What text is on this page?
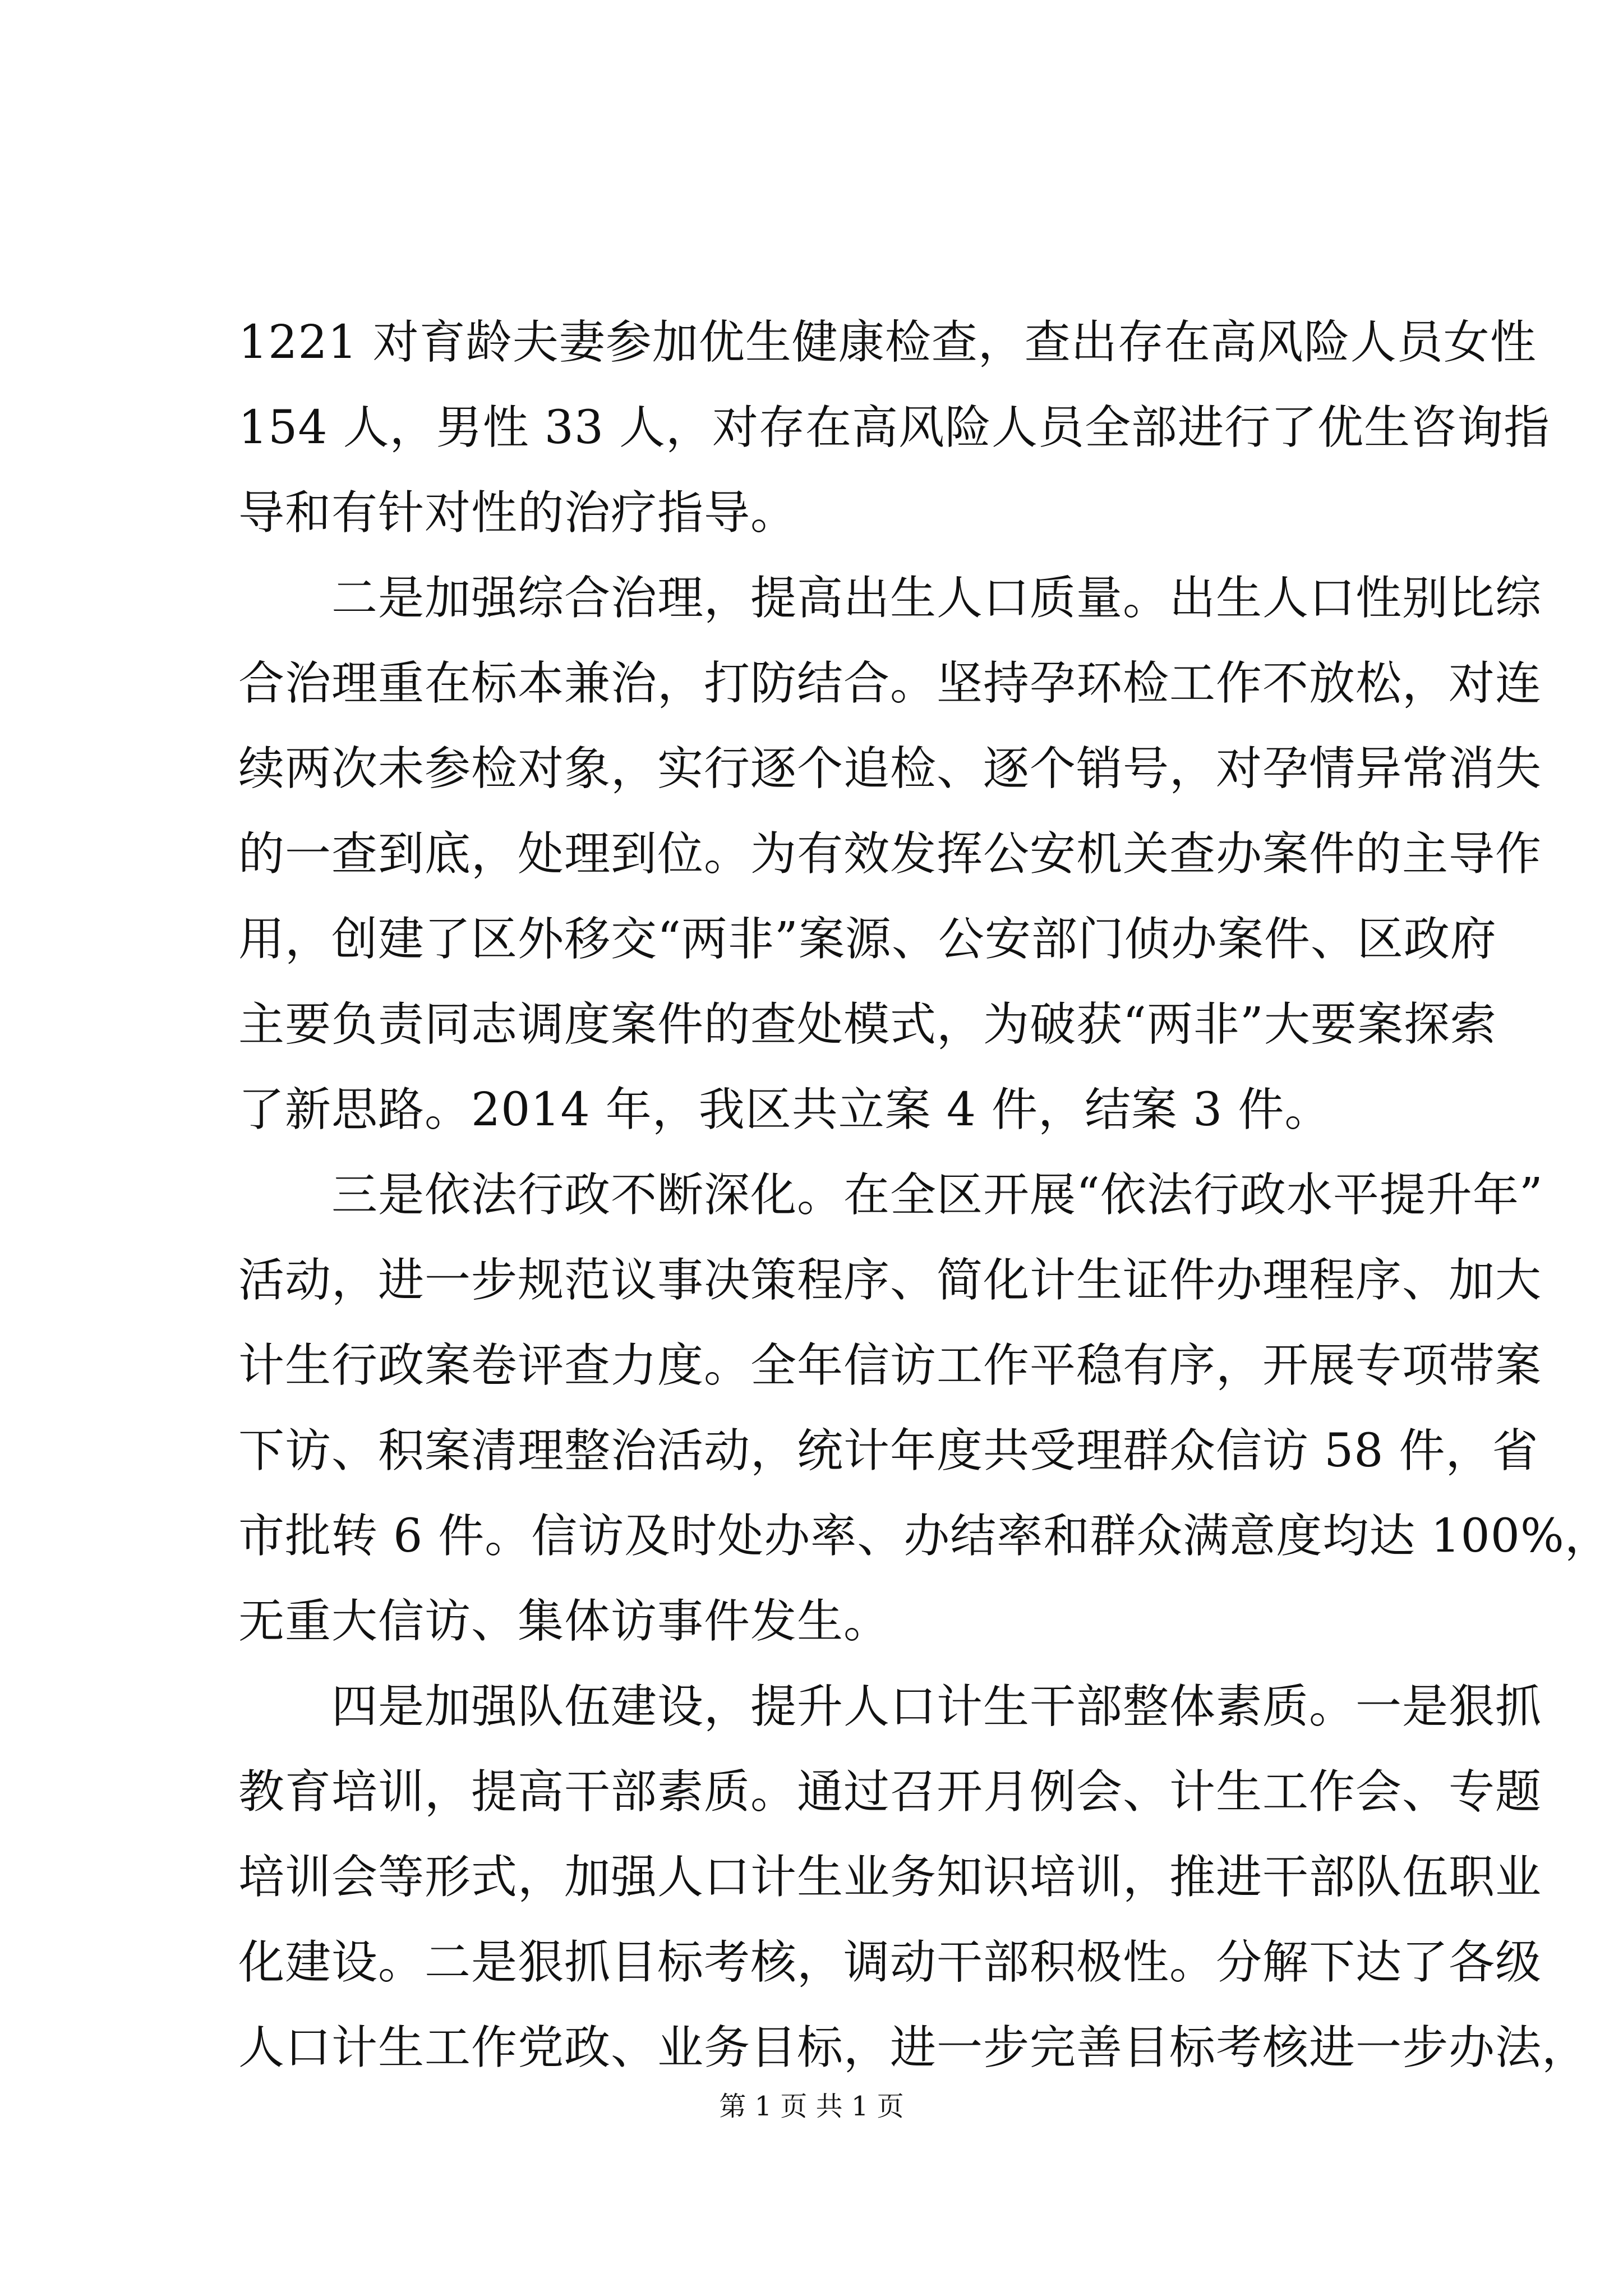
1221 对育龄夫妻参加优生健康检查，查出存在高风险人员女性
154 人，男性 33 人，对存在高风险人员全部进行了优生咨询指
导和有针对性的治疗指导。
　　二是加强综合治理，提高出生人口质量。出生人口性别比综
合治理重在标本兼治，打防结合。坚持孕环检工作不放松，对连
续两次未参检对象，实行逐个追检、逐个销号，对孕情异常消失
的一查到底，处理到位。为有效发挥公安机关查办案件的主导作
用，创建了区外移交“两非”案源、公安部门侦办案件、区政府
主要负责同志调度案件的查处模式，为破获“两非”大要案探索
了新思路。2014 年，我区共立案 4 件，结案 3 件。
　　三是依法行政不断深化。在全区开展“依法行政水平提升年”
活动，进一步规范议事决策程序、简化计生证件办理程序、加大
计生行政案卷评查力度。全年信访工作平稳有序，开展专项带案
下访、积案清理整治活动，统计年度共受理群众信访 58 件，省
市批转 6 件。信访及时处办率、办结率和群众满意度均达 100%，
无重大信访、集体访事件发生。
　　四是加强队伍建设，提升人口计生干部整体素质。一是狠抓
教育培训，提高干部素质。通过召开月例会、计生工作会、专题
培训会等形式，加强人口计生业务知识培训，推进干部队伍职业
化建设。二是狠抓目标考核，调动干部积极性。分解下达了各级
人口计生工作党政、业务目标，进一步完善目标考核进一步办法，
第 1 页 共 1 页
